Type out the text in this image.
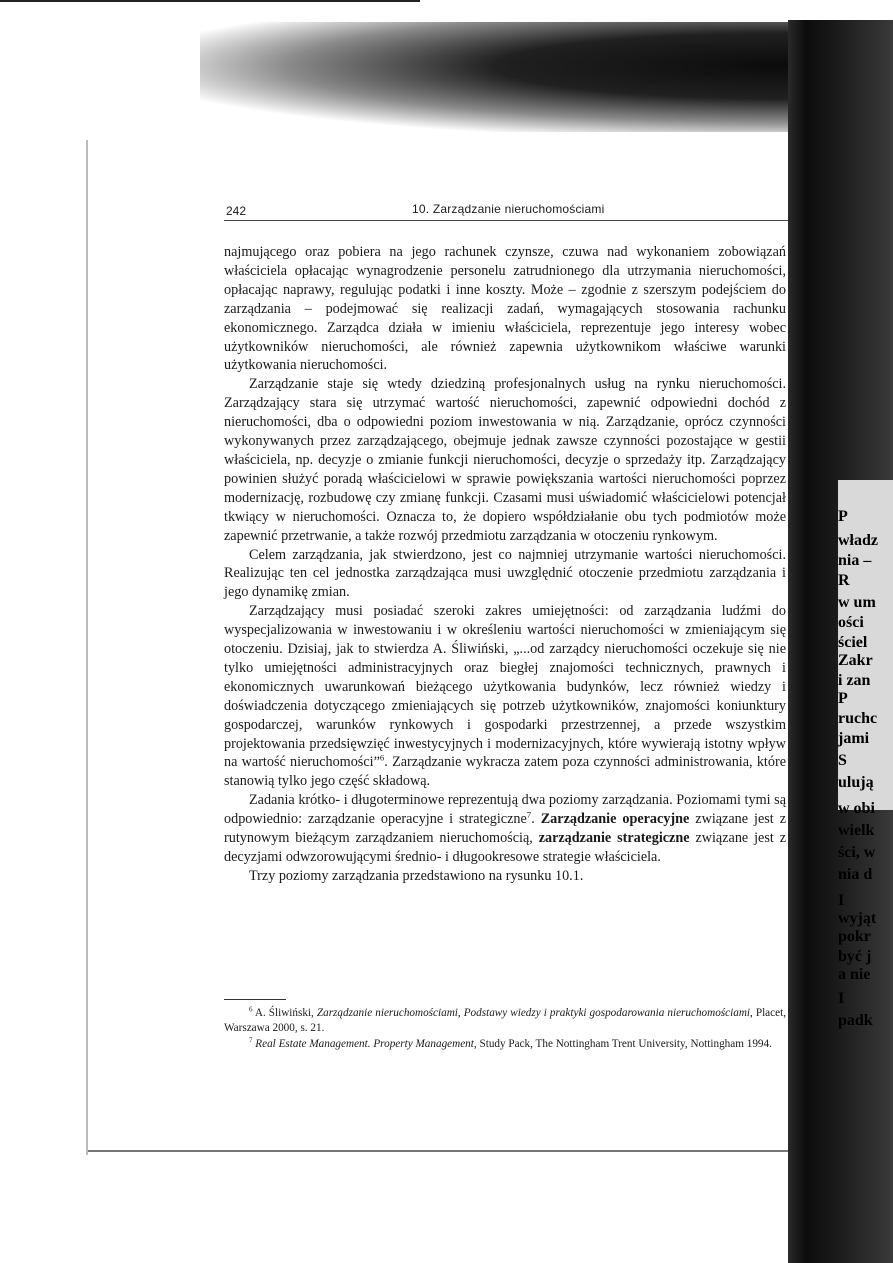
P
władz
nia –
R
w um
ości
ściel
Zakr
i zan
P
ruchc
jami
S
ulują
w obi
wielk
ści, w
nia d
I
wyjąt
pokr
być j
a nie
I
padk
242	10. Zarządzanie nieruchomościami

najmującego oraz pobiera na jego rachunek czynsze, czuwa nad wykonaniem zobowiązań właściciela opłacając wynagrodzenie personelu zatrudnionego dla utrzymania nieruchomości, opłacając naprawy, regulując podatki i inne koszty. Może – zgodnie z szerszym podejściem do zarządzania – podejmować się realizacji zadań, wymagających stosowania rachunku ekonomicznego. Zarządca działa w imieniu właściciela, reprezentuje jego interesy wobec użytkowników nieruchomości, ale również zapewnia użytkownikom właściwe warunki użytkowania nieruchomości.

Zarządzanie staje się wtedy dziedziną profesjonalnych usług na rynku nieruchomości. Zarządzający stara się utrzymać wartość nieruchomości, zapewnić odpowiedni dochód z nieruchomości, dba o odpowiedni poziom inwestowania w nią. Zarządzanie, oprócz czynności wykonywanych przez zarządzającego, obejmuje jednak zawsze czynności pozostające w gestii właściciela, np. decyzje o zmianie funkcji nieruchomości, decyzje o sprzedaży itp. Zarządzający powinien służyć poradą właścicielowi w sprawie powiększania wartości nieruchomości poprzez modernizację, rozbudowę czy zmianę funkcji. Czasami musi uświadomić właścicielowi potencjał tkwiący w nieruchomości. Oznacza to, że dopiero współdziałanie obu tych podmiotów może zapewnić przetrwanie, a także rozwój przedmiotu zarządzania w otoczeniu rynkowym.

Celem zarządzania, jak stwierdzono, jest co najmniej utrzymanie wartości nieruchomości. Realizując ten cel jednostka zarządzająca musi uwzględnić otoczenie przedmiotu zarządzania i jego dynamikę zmian.

Zarządzający musi posiadać szeroki zakres umiejętności: od zarządzania ludźmi do wyspecjalizowania w inwestowaniu i w określeniu wartości nieruchomości w zmieniającym się otoczeniu. Dzisiaj, jak to stwierdza A. Śliwiński, „...od zarządcy nieruchomości oczekuje się nie tylko umiejętności administracyjnych oraz biegłej znajomości technicznych, prawnych i ekonomicznych uwarunkowań bieżącego użytkowania budynków, lecz również wiedzy i doświadczenia dotyczącego zmieniających się potrzeb użytkowników, znajomości koniunktury gospodarczej, warunków rynkowych i gospodarki przestrzennej, a przede wszystkim projektowania przedsięwzięć inwestycyjnych i modernizacyjnych, które wywierają istotny wpływ na wartość nieruchomości”$^6$. Zarządzanie wykracza zatem poza czynności administrowania, które stanowią tylko jego część składową.

Zadania krótko- i długoterminowe reprezentują dwa poziomy zarządzania. Poziomami tymi są odpowiednio: zarządzanie operacyjne i strategiczne$^7$. Zarządzanie operacyjne związane jest z rutynowym bieżącym zarządzaniem nieruchomością, zarządzanie strategiczne związane jest z decyzjami odwzorowującymi średnio- i długookresowe strategie właściciela.

Trzy poziomy zarządzania przedstawiono na rysunku 10.1.

$^6$ A. Śliwiński, Zarządzanie nieruchomościami, Podstawy wiedzy i praktyki gospodarowania nieruchomościami, Placet, Warszawa 2000, s. 21.

$^7$ Real Estate Management. Property Management, Study Pack, The Nottingham Trent University, Nottingham 1994.
